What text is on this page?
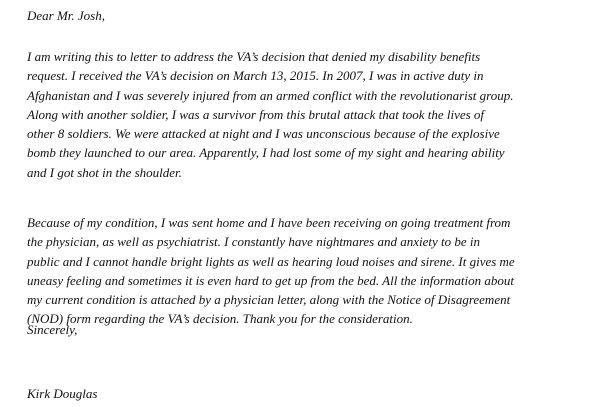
Dear Mr. Josh,

I am writing this to letter to address the VA’s decision that denied my disability benefits
request. I received the VA’s decision on March 13, 2015. In 2007, I was in active duty in
Afghanistan and I was severely injured from an armed conflict with the revolutionarist group.
Along with another soldier, I was a survivor from this brutal attack that took the lives of
other 8 soldiers. We were attacked at night and I was unconscious because of the explosive
bomb they launched to our area. Apparently, I had lost some of my sight and hearing ability
and I got shot in the shoulder.

Because of my condition, I was sent home and I have been receiving on going treatment from
the physician, as well as psychiatrist. I constantly have nightmares and anxiety to be in
public and I cannot handle bright lights as well as hearing loud noises and sirene. It gives me
uneasy feeling and sometimes it is even hard to get up from the bed. All the information about
my current condition is attached by a physician letter, along with the Notice of Disagreement
(NOD) form regarding the VA’s decision. Thank you for the consideration.

Sincerely,

Kirk Douglas
